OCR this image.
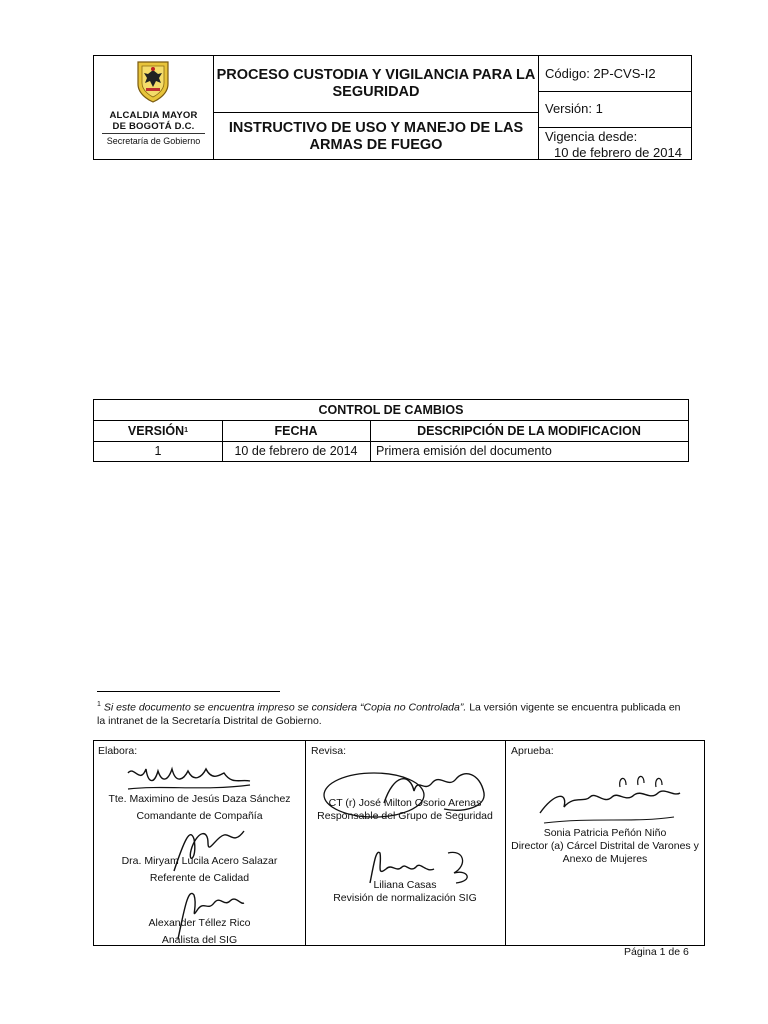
ALCALDIA MAYOR
DE BOGOTÁ D.C.
Secretaría de Gobierno
PROCESO CUSTODIA Y VIGILANCIA PARA LA SEGURIDAD
INSTRUCTIVO DE USO Y MANEJO DE LAS ARMAS DE FUEGO
Código: 2P-CVS-I2
Versión: 1
Vigencia desde:
10 de febrero de 2014
CONTROL DE CAMBIOS
VERSIÓN 1	FECHA	DESCRIPCIÓN DE LA MODIFICACION
1	10 de febrero de 2014	Primera emisión del documento
$^1$ Si este documento se encuentra impreso se considera “Copia no Controlada”. La versión vigente se encuentra publicada en la intranet de la Secretaría Distrital de Gobierno.
Elabora:
Tte. Maximino de Jesús Daza Sánchez
Comandante de Compañía
Dra. Miryam Lucila Acero Salazar
Referente de Calidad
Alexander Téllez Rico
Analista del SIG
Revisa:
CT (r) José Milton Osorio Arenas
Responsable del Grupo de Seguridad
Liliana Casas
Revisión de normalización SIG
Aprueba:
Sonia Patricia Peñón Niño
Director (a) Cárcel Distrital de Varones y
Anexo de Mujeres
Página 1 de 6
